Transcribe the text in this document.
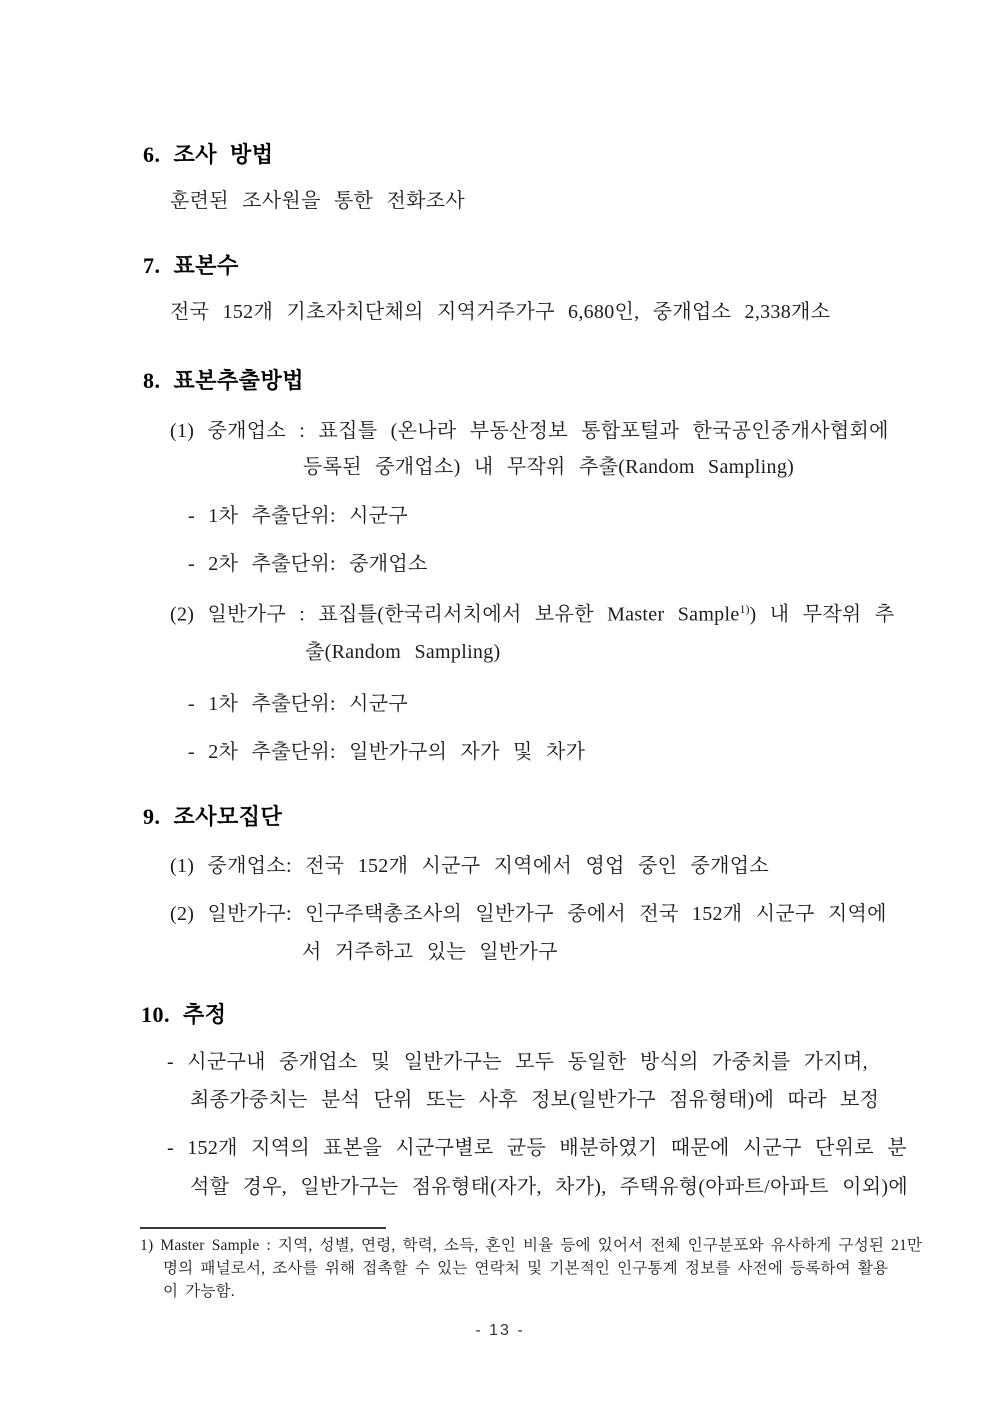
6. 조사 방법
훈련된 조사원을 통한 전화조사
7. 표본수
전국 152개 기초자치단체의 지역거주가구 6,680인, 중개업소 2,338개소
8. 표본추출방법
(1) 중개업소 : 표집틀 (온나라 부동산정보 통합포털과 한국공인중개사협회에
등록된 중개업소) 내 무작위 추출(Random Sampling)
- 1차 추출단위: 시군구
- 2차 추출단위: 중개업소
(2) 일반가구 : 표집틀(한국리서치에서 보유한 Master Sample$^{1)}$) 내 무작위 추
출(Random Sampling)
- 1차 추출단위: 시군구
- 2차 추출단위: 일반가구의 자가 및 차가
9. 조사모집단
(1) 중개업소: 전국 152개 시군구 지역에서 영업 중인 중개업소
(2) 일반가구: 인구주택총조사의 일반가구 중에서 전국 152개 시군구 지역에
서 거주하고 있는 일반가구
10. 추정
- 시군구내 중개업소 및 일반가구는 모두 동일한 방식의 가중치를 가지며,
최종가중치는 분석 단위 또는 사후 정보(일반가구 점유형태)에 따라 보정
- 152개 지역의 표본을 시군구별로 균등 배분하였기 때문에 시군구 단위로 분
석할 경우, 일반가구는 점유형태(자가, 차가), 주택유형(아파트/아파트 이외)에
1) Master Sample : 지역, 성별, 연령, 학력, 소득, 혼인 비율 등에 있어서 전체 인구분포와 유사하게 구성된 21만
명의 패널로서, 조사를 위해 접촉할 수 있는 연락처 및 기본적인 인구통계 정보를 사전에 등록하여 활용
이 가능함.
- 13 -
